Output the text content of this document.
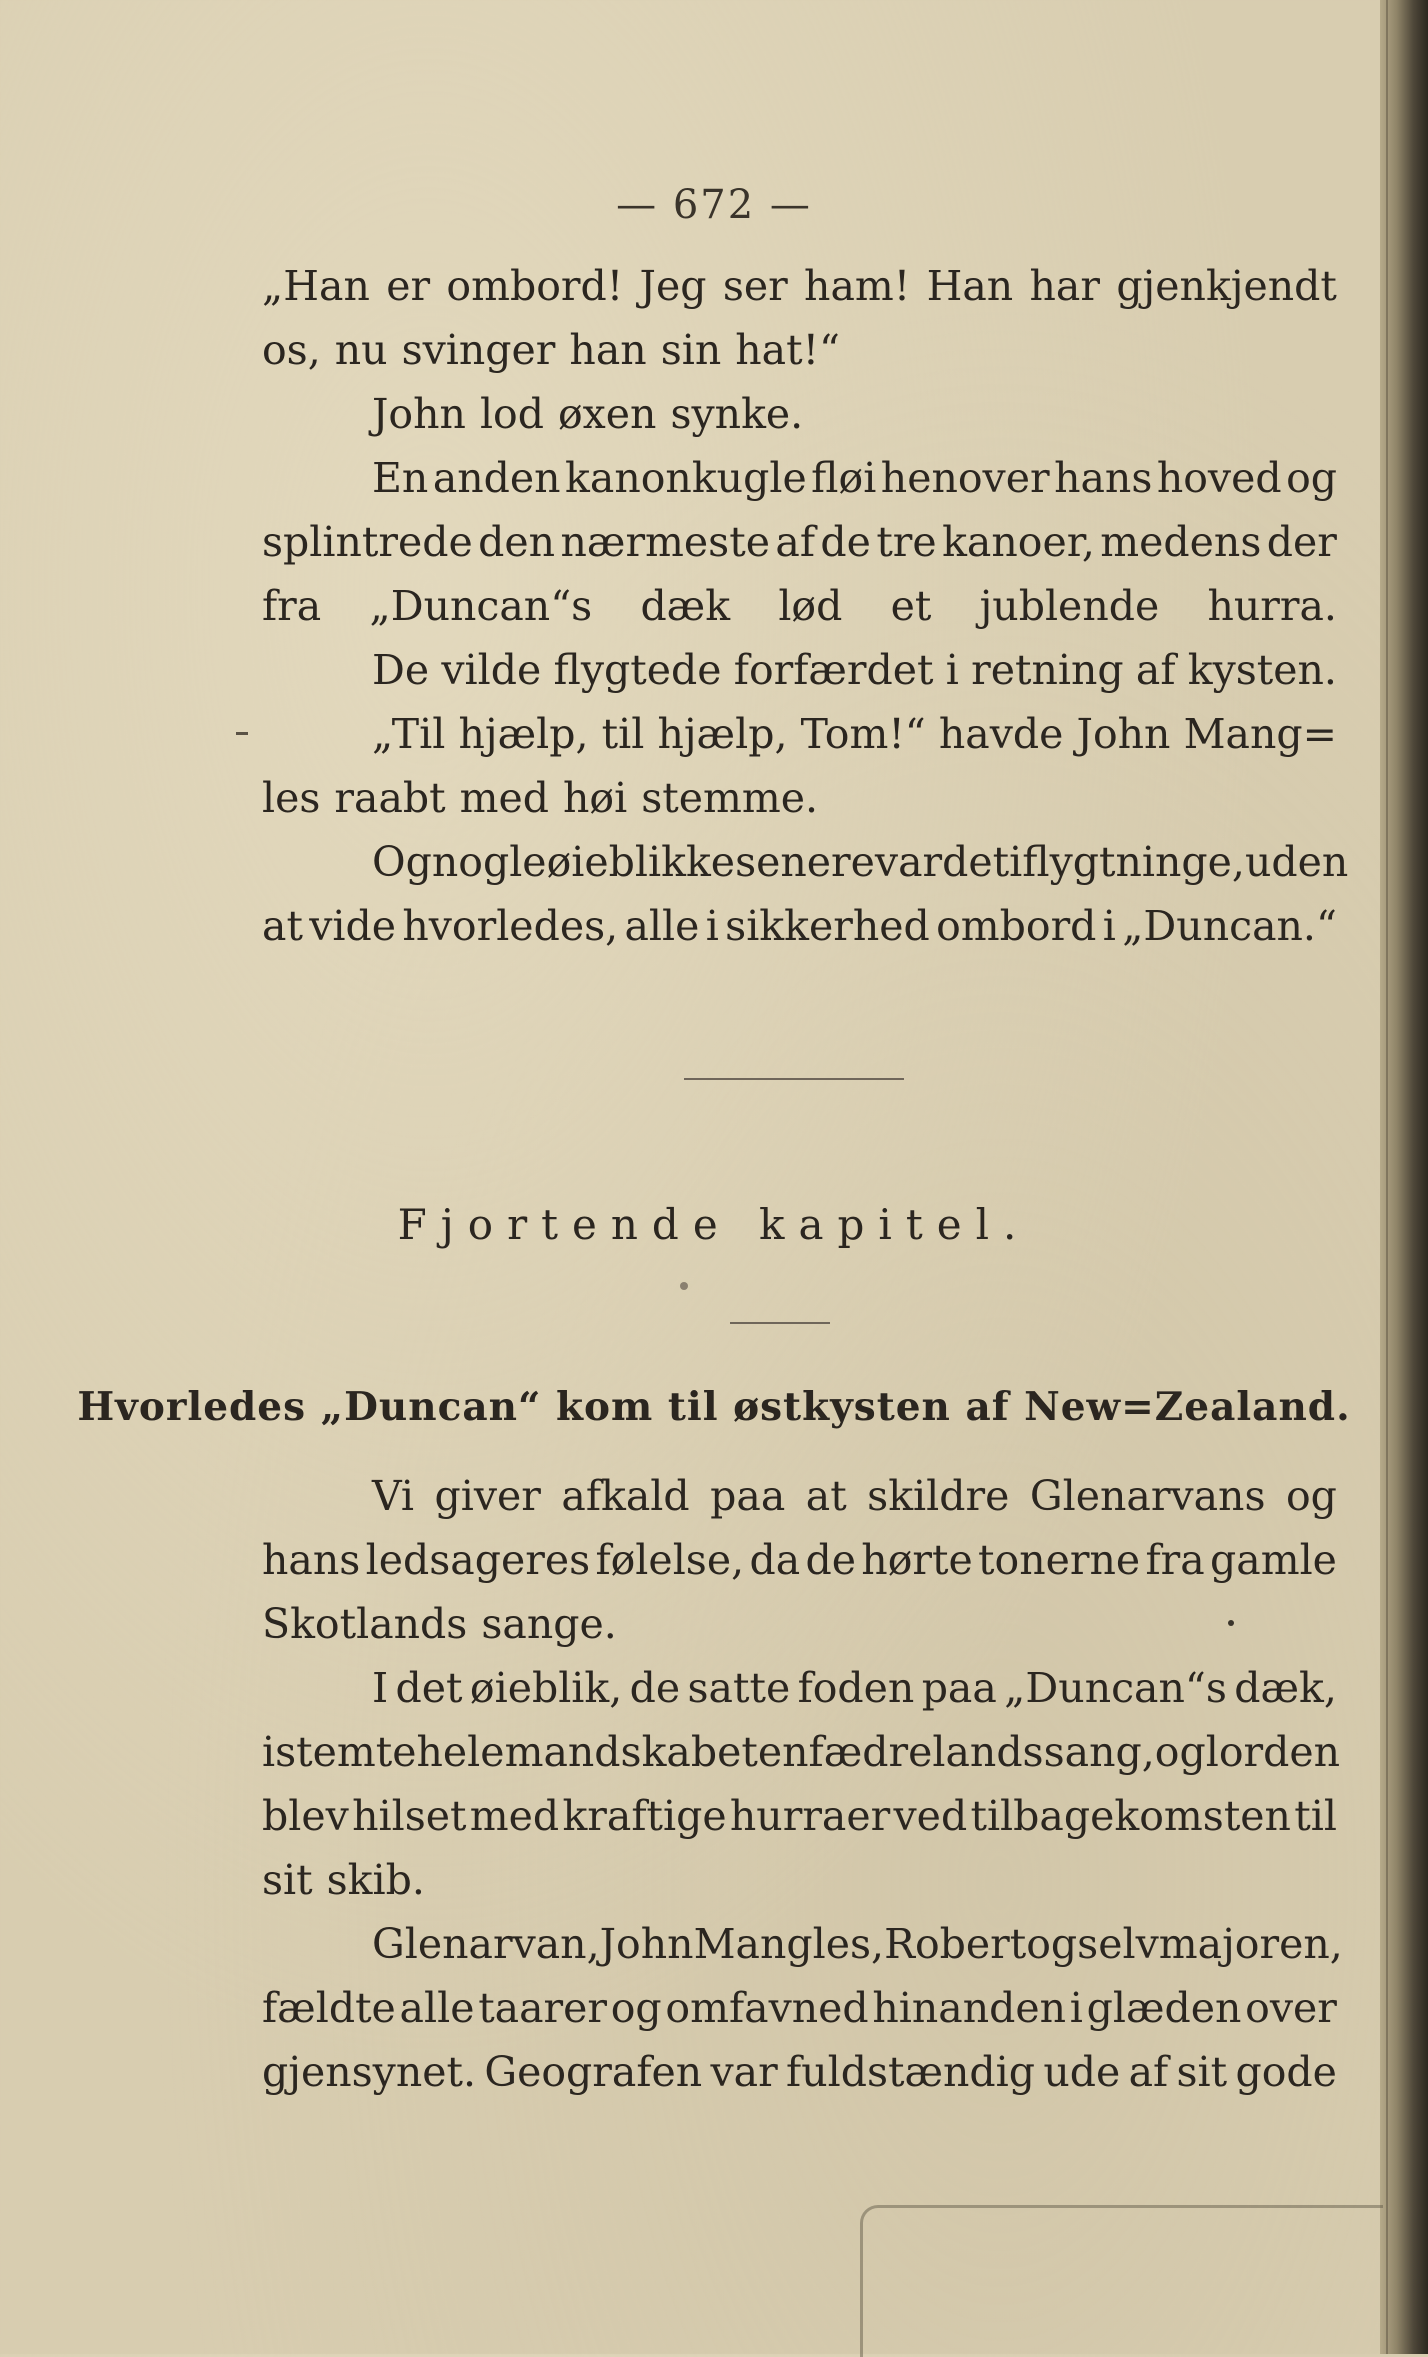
— 672 —
„Han er ombord! Jeg ser ham! Han har gjenkjendt
os, nu svinger han sin hat!“
John lod øxen synke.
En anden kanonkugle fløi henover hans hoved og
splintrede den nærmeste af de tre kanoer, medens der
fra „Duncan“s dæk lød et jublende hurra.
De vilde flygtede forfærdet i retning af kysten.
„Til hjælp, til hjælp, Tom!“ havde John Mang=
les raabt med høi stemme.
Og nogle øieblikke senere var de ti flygtninge, uden
at vide hvorledes, alle i sikkerhed ombord i „Duncan.“
Fjortende kapitel.
Hvorledes „Duncan“ kom til østkysten af New=Zealand.
Vi giver afkald paa at skildre Glenarvans og
hans ledsageres følelse, da de hørte tonerne fra gamle
Skotlands sange.
I det øieblik, de satte foden paa „Duncan“s dæk,
istemte hele mandskabet en fædrelandssang, og lorden
blev hilset med kraftige hurraer ved tilbagekomsten til
sit skib.
Glenarvan, John Mangles, Robert og selv majoren,
fældte alle taarer og omfavned hinanden i glæden over
gjensynet. Geografen var fuldstændig ude af sit gode
